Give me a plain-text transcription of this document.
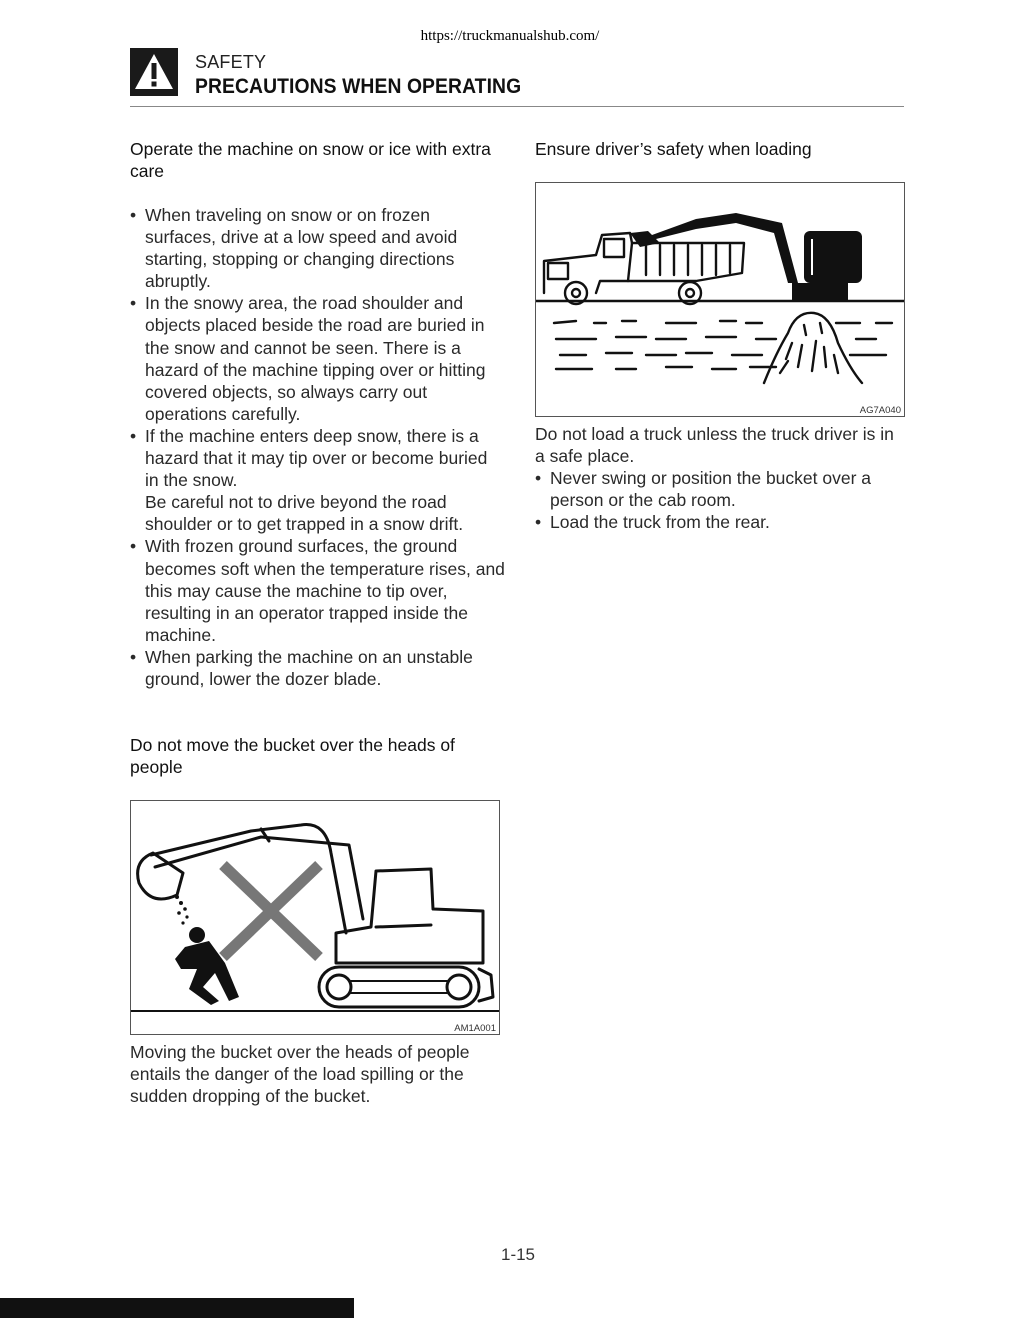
https://truckmanualshub.com/
SAFETY
PRECAUTIONS WHEN OPERATING
Operate the machine on snow or ice with extra care
• When traveling on snow or on frozen surfaces, drive at a low speed and avoid starting, stopping or changing directions abruptly.
• In the snowy area, the road shoulder and objects placed beside the road are buried in the snow and cannot be seen. There is a hazard of the machine tipping over or hitting covered objects, so always carry out operations carefully.
• If the machine enters deep snow, there is a hazard that it may tip over or become buried in the snow.
Be careful not to drive beyond the road shoulder or to get trapped in a snow drift.
• With frozen ground surfaces, the ground becomes soft when the temperature rises, and this may cause the machine to tip over, resulting in an operator trapped inside the machine.
• When parking the machine on an unstable ground, lower the dozer blade.
Do not move the bucket over the heads of people
AM1A001

Moving the bucket over the heads of people entails the danger of the load spilling or the sudden dropping of the bucket.

Ensure driver’s safety when loading
AG7A040

Do not load a truck unless the truck driver is in a safe place.

• Never swing or position the bucket over a person or the cab room.
• Load the truck from the rear.
1-15
